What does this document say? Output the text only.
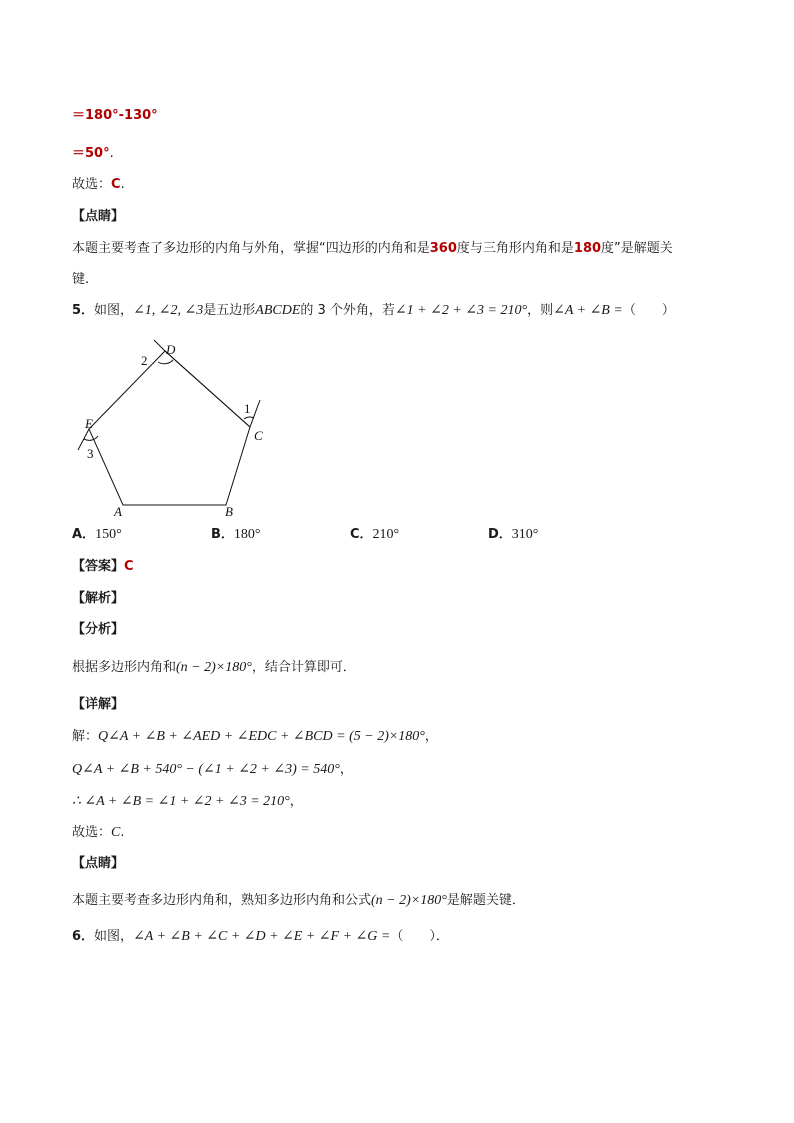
＝180°-130°
＝50°.
故选：C.
【点睛】
本题主要考查了多边形的内角与外角，掌握“四边形的内角和是360度与三角形内角和是180度”是解题关
键.
5．如图，∠1, ∠2, ∠3是五边形ABCDE的 3 个外角，若∠1 + ∠2 + ∠3 = 210°，则∠A + ∠B =（　　）
D
2
1
C
E
3
A	B
A．150°	B．180°	C．210°	D．310°
【答案】C
【解析】
【分析】
根据多边形内角和(n − 2)×180°，结合计算即可．
【详解】
解：Q∠A + ∠B + ∠AED + ∠EDC + ∠BCD = (5 − 2)×180°，
Q∠A + ∠B + 540° − (∠1 + ∠2 + ∠3) = 540°，
∴ ∠A + ∠B = ∠1 + ∠2 + ∠3 = 210°，
故选：C.
【点睛】
本题主要考查多边形内角和，熟知多边形内角和公式(n − 2)×180°是解题关键．
6．如图，∠A + ∠B + ∠C + ∠D + ∠E + ∠F + ∠G =（　　）．
